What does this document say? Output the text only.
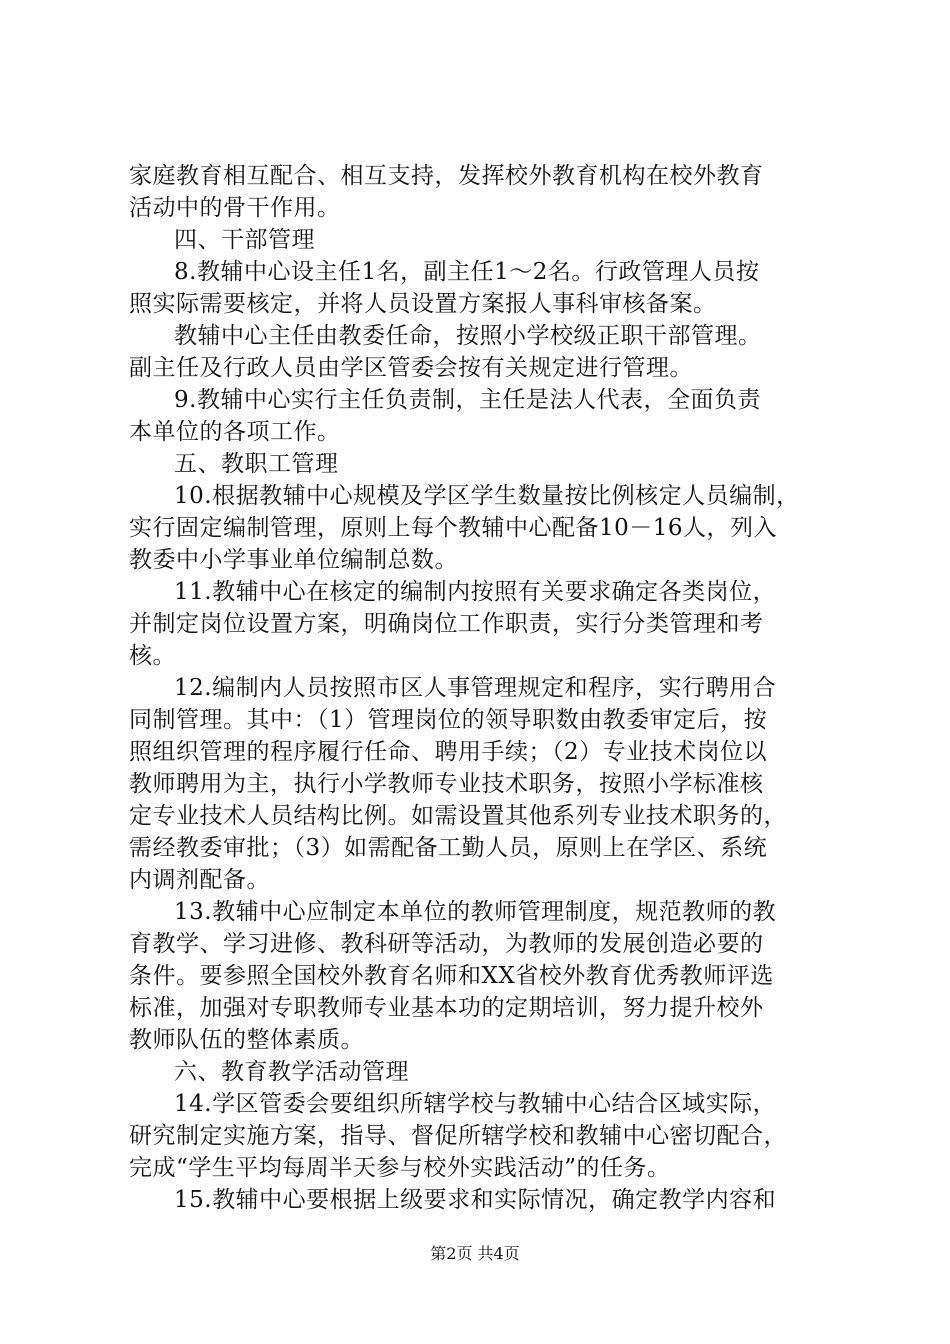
家庭教育相互配合、相互支持，发挥校外教育机构在校外教育
活动中的骨干作用。
四、干部管理
8.教辅中心设主任1名，副主任1～2名。行政管理人员按
照实际需要核定，并将人员设置方案报人事科审核备案。
教辅中心主任由教委任命，按照小学校级正职干部管理。
副主任及行政人员由学区管委会按有关规定进行管理。
9.教辅中心实行主任负责制，主任是法人代表，全面负责
本单位的各项工作。
五、教职工管理
10.根据教辅中心规模及学区学生数量按比例核定人员编制，
实行固定编制管理，原则上每个教辅中心配备10－16人，列入
教委中小学事业单位编制总数。
11.教辅中心在核定的编制内按照有关要求确定各类岗位，
并制定岗位设置方案，明确岗位工作职责，实行分类管理和考
核。
12.编制内人员按照市区人事管理规定和程序，实行聘用合
同制管理。其中：（1）管理岗位的领导职数由教委审定后，按
照组织管理的程序履行任命、聘用手续；（2）专业技术岗位以
教师聘用为主，执行小学教师专业技术职务，按照小学标准核
定专业技术人员结构比例。如需设置其他系列专业技术职务的，
需经教委审批；（3）如需配备工勤人员，原则上在学区、系统
内调剂配备。
13.教辅中心应制定本单位的教师管理制度，规范教师的教
育教学、学习进修、教科研等活动，为教师的发展创造必要的
条件。要参照全国校外教育名师和XX省校外教育优秀教师评选
标准，加强对专职教师专业基本功的定期培训，努力提升校外
教师队伍的整体素质。
六、教育教学活动管理
14.学区管委会要组织所辖学校与教辅中心结合区域实际，
研究制定实施方案，指导、督促所辖学校和教辅中心密切配合，
完成“学生平均每周半天参与校外实践活动”的任务。
15.教辅中心要根据上级要求和实际情况，确定教学内容和
第2页 共4页
